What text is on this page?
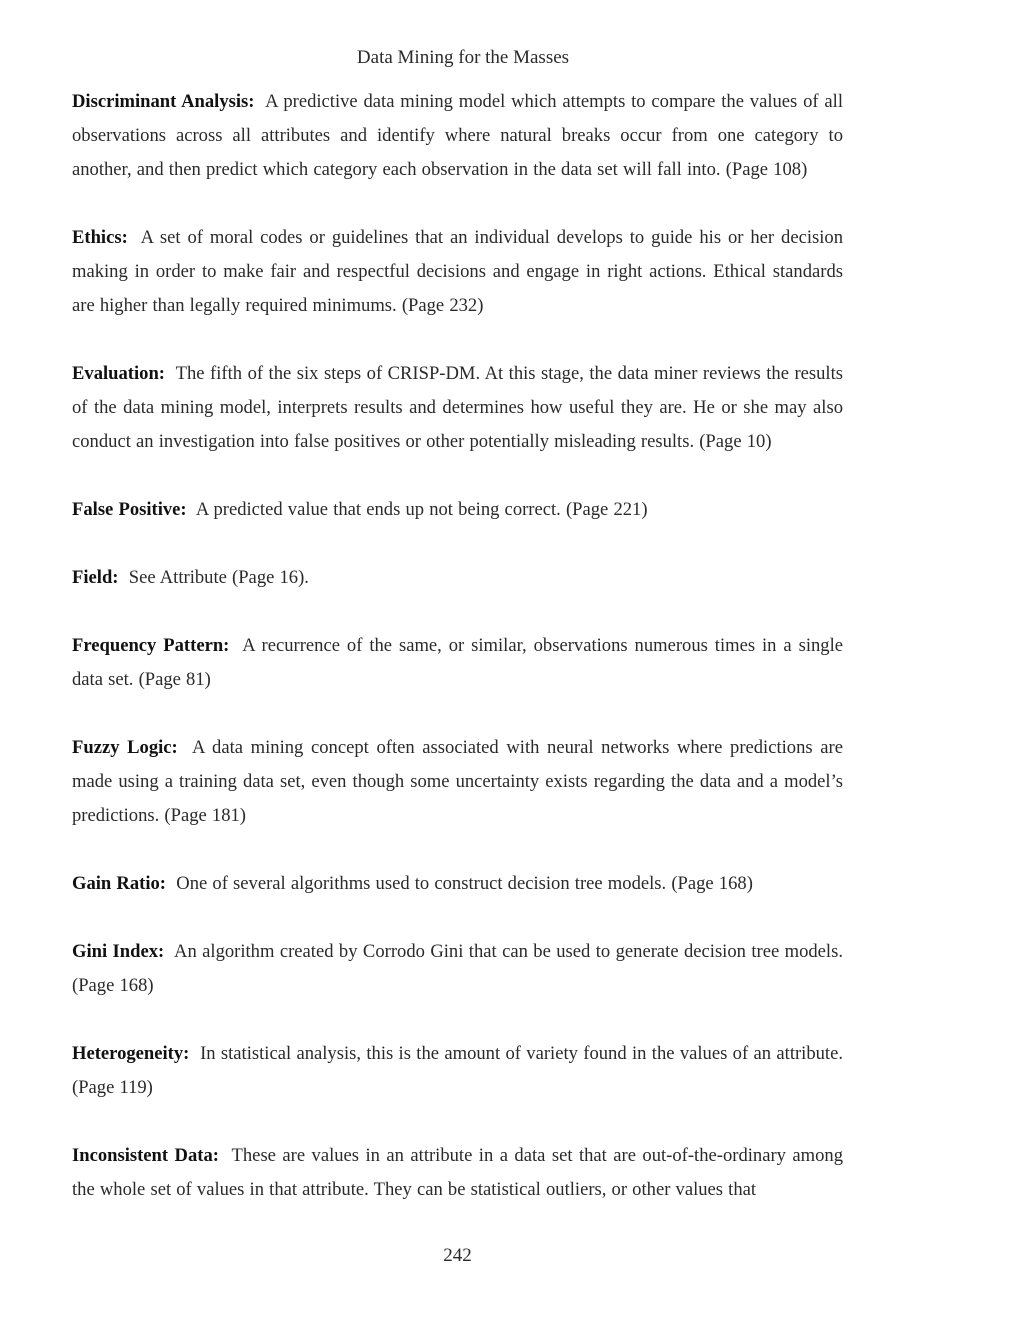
Data Mining for the Masses

Discriminant Analysis: A predictive data mining model which attempts to compare the values of all observations across all attributes and identify where natural breaks occur from one category to another, and then predict which category each observation in the data set will fall into. (Page 108)

Ethics: A set of moral codes or guidelines that an individual develops to guide his or her decision making in order to make fair and respectful decisions and engage in right actions. Ethical standards are higher than legally required minimums. (Page 232)

Evaluation: The fifth of the six steps of CRISP-DM. At this stage, the data miner reviews the results of the data mining model, interprets results and determines how useful they are. He or she may also conduct an investigation into false positives or other potentially misleading results. (Page 10)

False Positive: A predicted value that ends up not being correct. (Page 221)

Field: See Attribute (Page 16).

Frequency Pattern: A recurrence of the same, or similar, observations numerous times in a single data set. (Page 81)

Fuzzy Logic: A data mining concept often associated with neural networks where predictions are made using a training data set, even though some uncertainty exists regarding the data and a model’s predictions. (Page 181)

Gain Ratio: One of several algorithms used to construct decision tree models. (Page 168)

Gini Index: An algorithm created by Corrodo Gini that can be used to generate decision tree models. (Page 168)

Heterogeneity: In statistical analysis, this is the amount of variety found in the values of an attribute. (Page 119)

Inconsistent Data: These are values in an attribute in a data set that are out-of-the-ordinary among the whole set of values in that attribute. They can be statistical outliers, or other values that

242
